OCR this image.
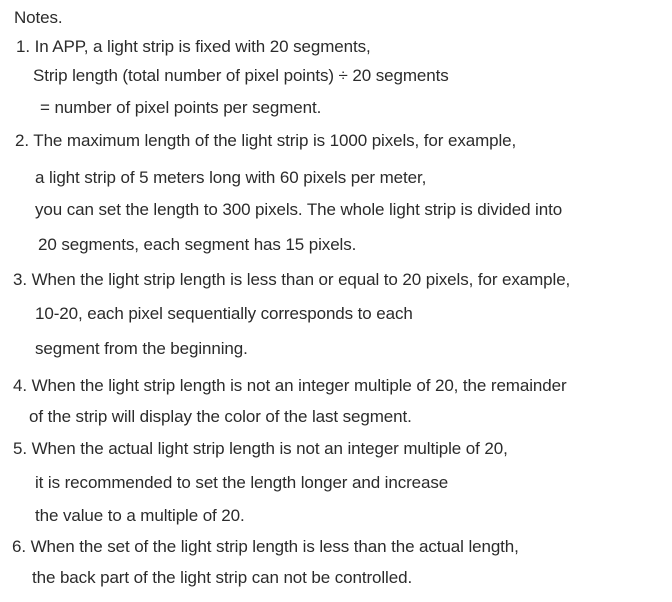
Notes.
1. In APP, a light strip is fixed with 20 segments,
Strip length (total number of pixel points) ÷ 20 segments
= number of pixel points per segment.
2. The maximum length of the light strip is 1000 pixels, for example,
a light strip of 5 meters long with 60 pixels per meter,
you can set the length to 300 pixels. The whole light strip is divided into
20 segments, each segment has 15 pixels.
3. When the light strip length is less than or equal to 20 pixels, for example,
10-20, each pixel sequentially corresponds to each
segment from the beginning.
4. When the light strip length is not an integer multiple of 20, the remainder
of the strip will display the color of the last segment.
5. When the actual light strip length is not an integer multiple of 20,
it is recommended to set the length longer and increase
the value to a multiple of 20.
6. When the set of the light strip length is less than the actual length,
the back part of the light strip can not be controlled.
